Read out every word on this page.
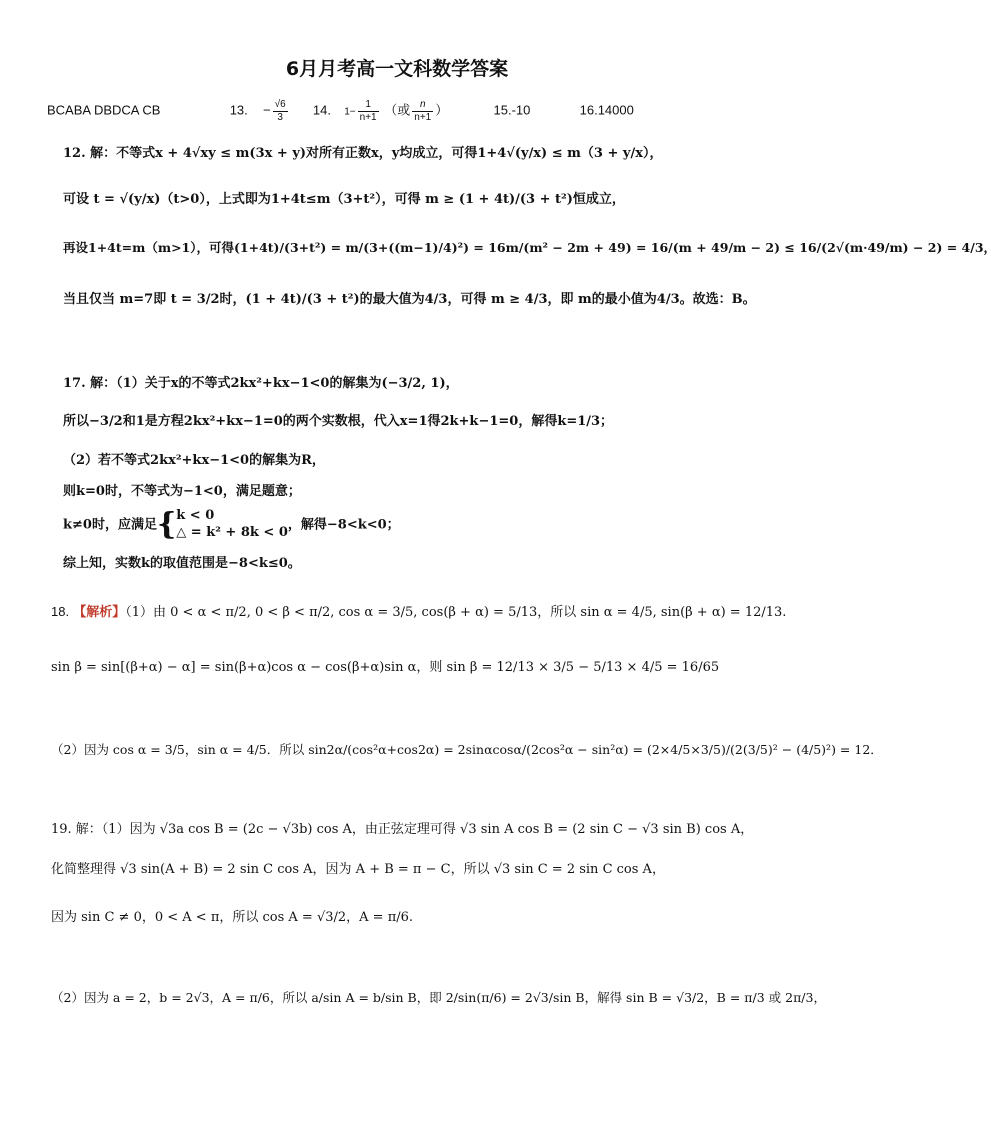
6月月考高一文科数学答案
BCABA DBDCA CB	13. − $\frac{√6}{3} 14$. $1- \frac{1}{n+1}$ （或 $\frac{n}{n+1}$ ）	15.-10	16.14000
12. 解：不等式x + 4√xy ≤ m(3x + y)对所有正数x，y均成立，可得1+4√(y/x) ≤ m（3 + y/x），
可设 t = √(y/x)（t>0），上式即为1+4t≤m（3+t²），可得 m ≥ (1 + 4t)/(3 + t²)恒成立，
再设1+4t=m（m>1），可得(1+4t)/(3+t²) = m/(3+((m−1)/4)²) = 16m/(m² − 2m + 49) = 16/(m + 49/m − 2) ≤ 16/(2√(m·49/m) − 2) = 4/3，
当且仅当 m=7即 t = 3/2时，(1 + 4t)/(3 + t²)的最大值为4/3，可得 m ≥ 4/3，即 m的最小值为4/3。故选：B。
17. 解：（1）关于x的不等式2kx²+kx−1<0的解集为(−3/2, 1)，
所以−3/2和1是方程2kx²+kx−1=0的两个实数根，代入x=1得2k+k−1=0，解得k=1/3；
（2）若不等式2kx²+kx−1<0的解集为R，
则k=0时，不等式为−1<0，满足题意；
k≠0时，应满足{ k < 0
△ = k² + 8k < 0 ，解得−8<k<0；
综上知，实数k的取值范围是−8<k≤0。
18. 【解析】（1）由 0 < α < π/2, 0 < β < π/2, cos α = 3/5, cos(β + α) = 5/13，所以 sin α = 4/5, sin(β + α) = 12/13.
sin β = sin[(β+α) − α] = sin(β+α)cos α − cos(β+α)sin α，则 sin β = 12/13 × 3/5 − 5/13 × 4/5 = 16/65
（2）因为 cos α = 3/5，sin α = 4/5．所以 sin2α/(cos²α+cos2α) = 2sinαcosα/(2cos²α − sin²α) = (2×4/5×3/5)/(2(3/5)² − (4/5)²) = 12．
19. 解：（1）因为 √3a cos B = (2c − √3b) cos A，由正弦定理可得 √3 sin A cos B = (2 sin C − √3 sin B) cos A，
化简整理得 √3 sin(A + B) = 2 sin C cos A，因为 A + B = π − C，所以 √3 sin C = 2 sin C cos A，
因为 sin C ≠ 0，0 < A < π，所以 cos A = √3/2，A = π/6.
（2）因为 a = 2，b = 2√3，A = π/6，所以 a/sin A = b/sin B，即 2/sin(π/6) = 2√3/sin B，解得 sin B = √3/2，B = π/3 或 2π/3，
